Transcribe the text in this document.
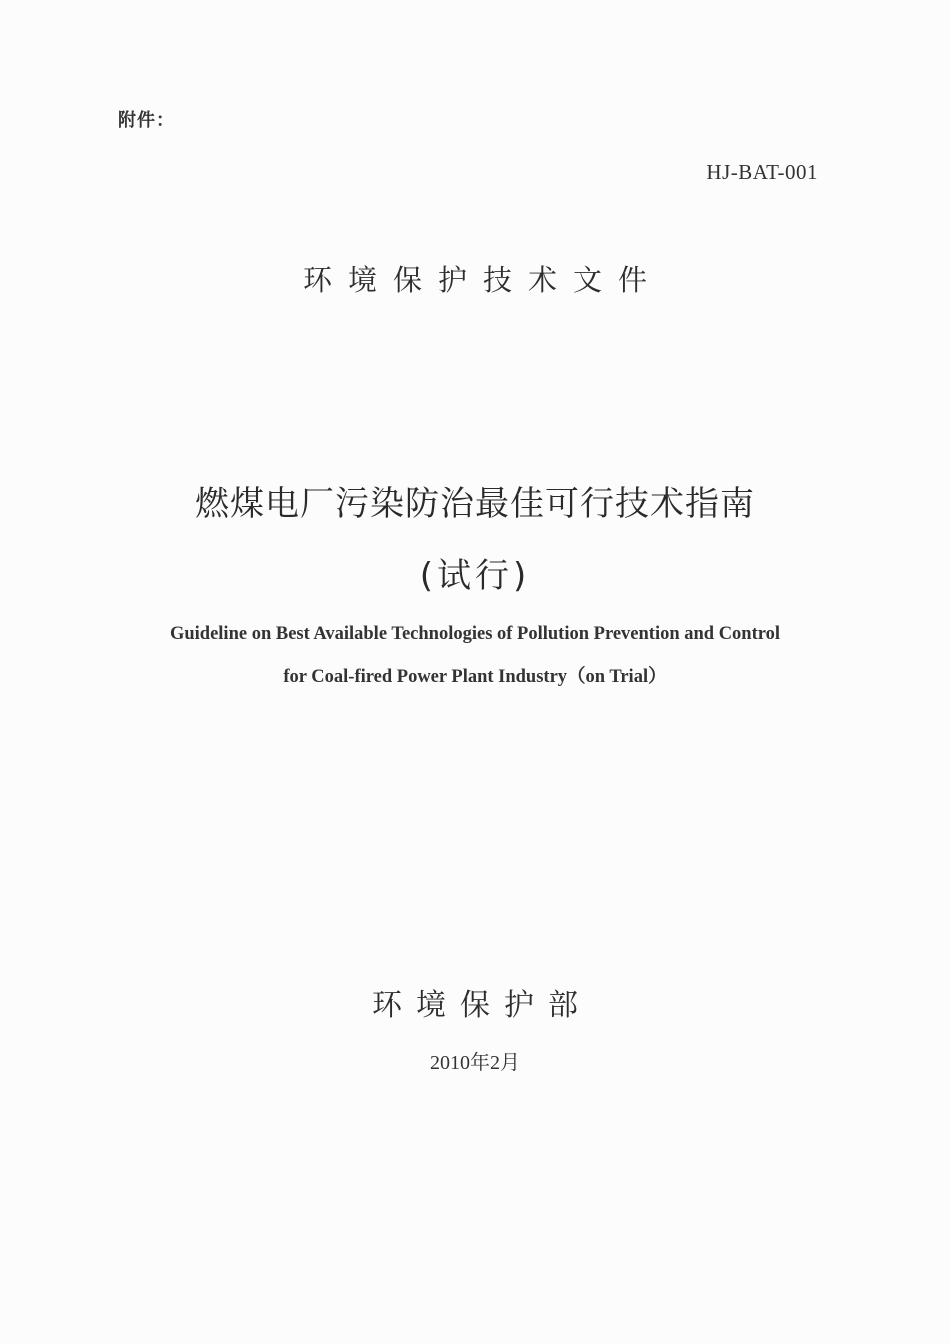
附件：
HJ-BAT-001
环境保护技术文件
燃煤电厂污染防治最佳可行技术指南
(试行)
Guideline on Best Available Technologies of Pollution Prevention and Control
for Coal-fired Power Plant Industry（on Trial）
环境保护部
2010年2月
